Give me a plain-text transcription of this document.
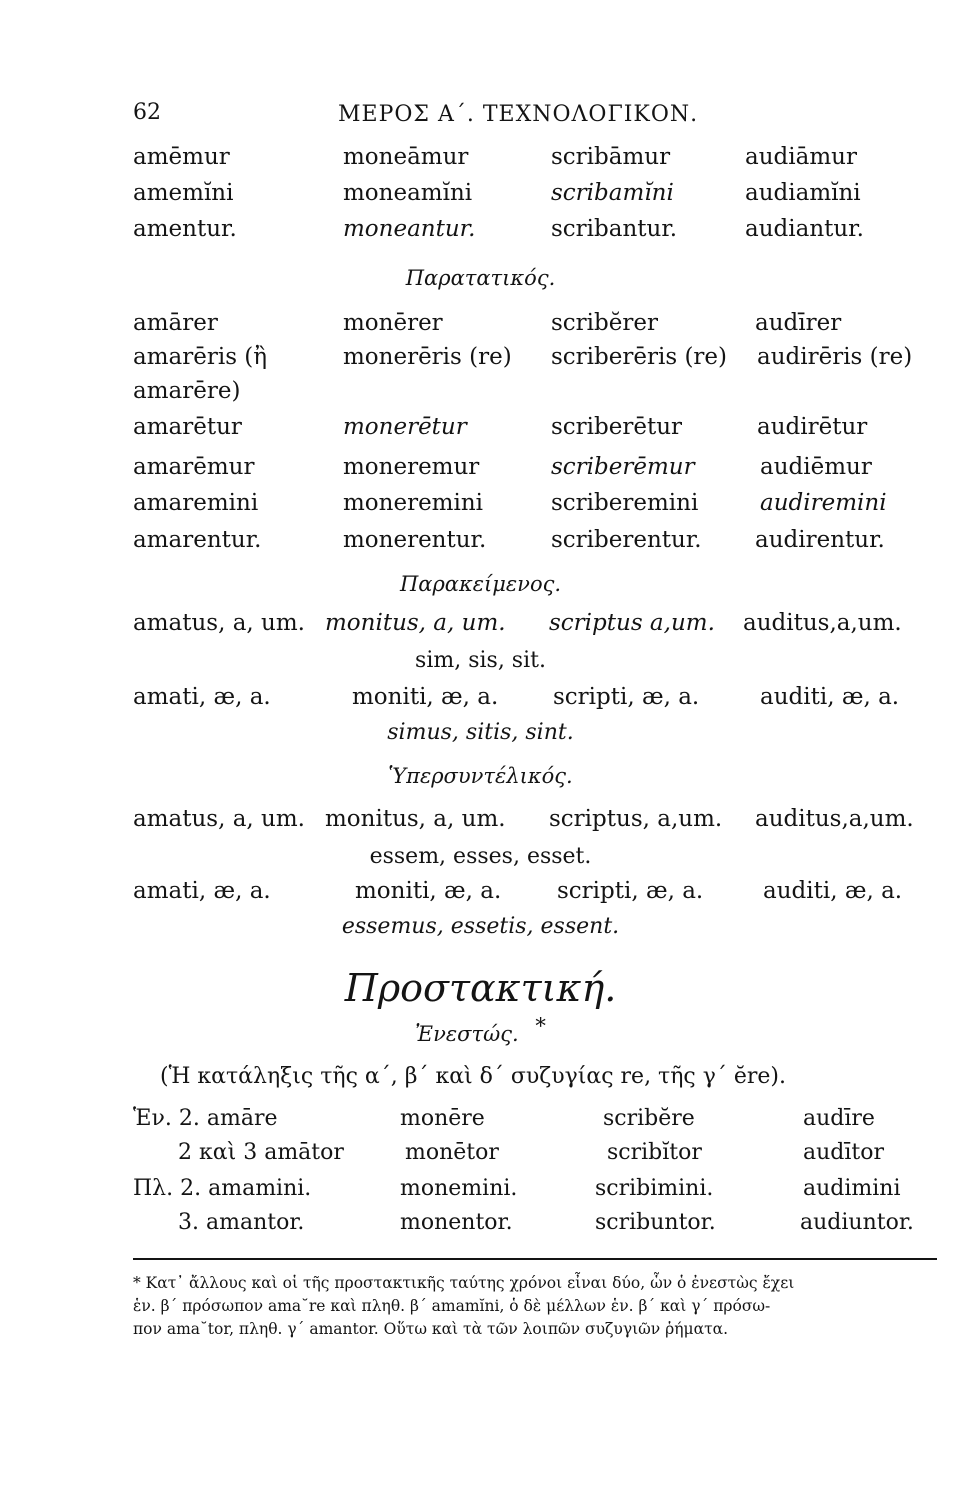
62	ΜΕΡΟΣ Α΄. ΤΕΧΝΟΛΟΓΙΚΟΝ.
amēmur	moneāmur	scribāmur	audiāmur
amemĭni	moneamĭni	scribamĭni	audiamĭni
amentur.	moneantur.	scribantur.	audiantur.
Παρατατικός.
amārer	monērer	scribĕrer	audīrer
amarēris (ἢ	monerēris (re) scriberēris (re) audirēris (re)
amarēre)
amarētur	monerētur	scriberētur	audirētur
amarēmur	moneremur	scriberēmur	audiēmur
amaremini	moneremini	scriberemini	audiremini
amarentur.	monerentur.	scriberentur. audirentur.
Παρακείμενος.
amatus, a, um. monitus, a, um. scriptus a,um. auditus,a,um.
sim, sis, sit.
amati, æ, a.	moniti, æ, a. scripti, æ, a.	auditi, æ, a.
simus, sitis, sint.
Ὑπερσυντέλικός.
amatus, a, um. monitus, a, um. scriptus, a,um. auditus,a,um.
essem, esses, esset.
amati, æ, a.	moniti, æ, a. scripti, æ, a.	auditi, æ, a.
essemus, essetis, essent.
Προστακτική.
Ἐνεστώς. *
(Ἡ κατάληξις τῆς α΄, β΄ καὶ δ΄ συζυγίας re, τῆς γ΄ ĕre).
Ἑν. 2. amāre	monēre	scribĕre	audīre
2 καὶ 3 amātor	monētor	scribĭtor	audītor
Πλ. 2. amamini.	monemini.	scribimini.	audimini
3. amantor.	monentor.	scribuntor.	audiuntor.
* Κατ᾽ ἄλλους καὶ οἱ τῆς προστακτικῆς ταύτης χρόνοι εἶναι δύο, ὧν ὁ ἐνεστὼς ἔχει
ἑν. β΄ πρόσωπον ama˘re καὶ πληθ. β΄ amamĭni, ὁ δὲ μέλλων ἑν. β΄ καὶ γ΄ πρόσω-
πον ama˘tor, πληθ. γ΄ amantor. Οὕτω καὶ τὰ τῶν λοιπῶν συζυγιῶν ῥήματα.
